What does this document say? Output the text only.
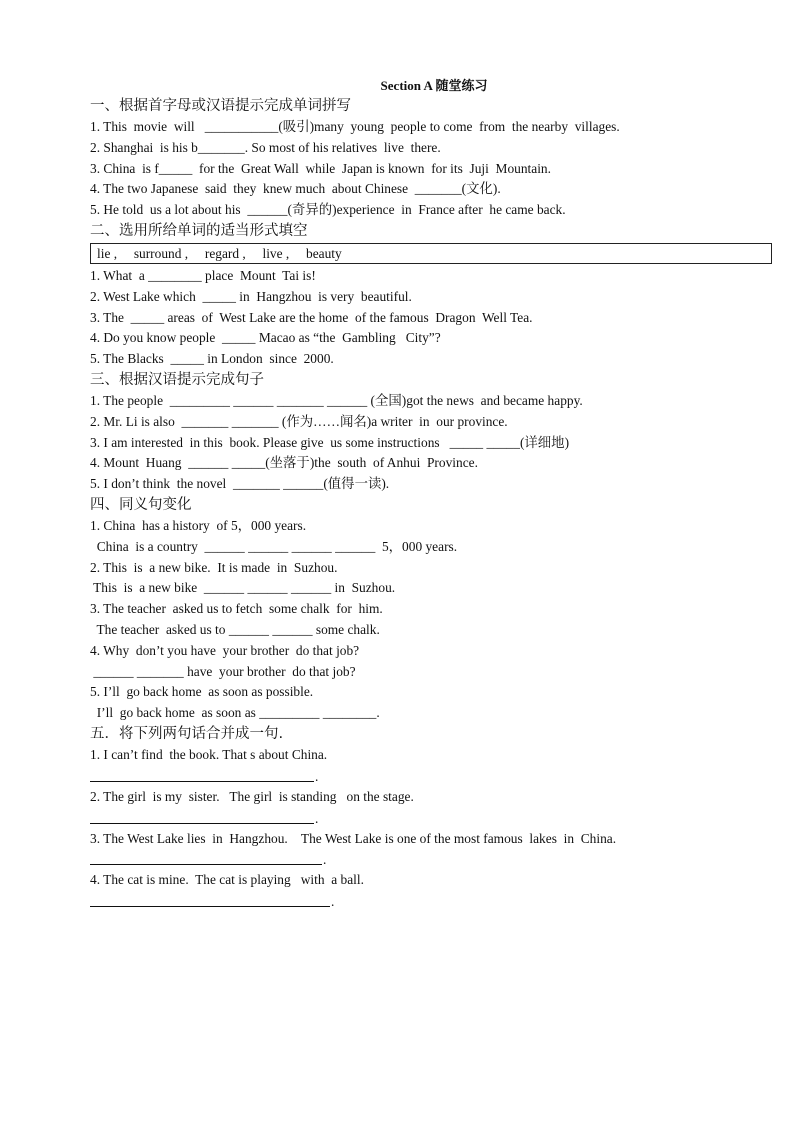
Section A 随堂练习
一、根据首字母或汉语提示完成单词拼写
1. This  movie  will   ___________(吸引)many  young  people to come  from  the nearby  villages.
2. Shanghai  is his b_______. So most of his relatives  live  there.
3. China  is f_____  for the  Great Wall  while  Japan is known  for its  Juji  Mountain.
4. The two Japanese  said  they  knew much  about Chinese  _______(文化).
5. He told  us a lot about his  ______(奇异的)experience  in  France after  he came back.
二、选用所给单词的适当形式填空
lie ,     surround ,     regard ,     live ,     beauty
1. What  a ________ place  Mount  Tai is!
2. West Lake which  _____ in  Hangzhou  is very  beautiful.
3. The  _____ areas  of  West Lake are the home  of the famous  Dragon  Well Tea.
4. Do you know people  _____ Macao as “the  Gambling   City”?
5. The Blacks  _____ in London  since  2000.
三、根据汉语提示完成句子
1. The people  _________ ______ _______ ______ (全国)got the news  and became happy.
2. Mr. Li is also  _______ _______ (作为……闻名)a writer  in  our province.
3. I am interested  in this  book. Please give  us some instructions   _____ _____(详细地)
4. Mount  Huang  ______ _____(坐落于)the  south  of Anhui  Province.
5. I don’t think  the novel  _______ ______(值得一读).
四、同义句变化
1. China  has a history  of 5，000 years.
China  is a country  ______ ______ ______ ______  5，000 years.
2. This  is  a new bike.  It is made  in  Suzhou.
This  is  a new bike  ______ ______ ______ in  Suzhou.
3. The teacher  asked us to fetch  some chalk  for  him.
The teacher  asked us to ______ ______ some chalk.
4. Why  don’t you have  your brother  do that job?
______ _______ have  your brother  do that job?
5. I’ll  go back home  as soon as possible.
I’ll  go back home  as soon as _________ ________.
五．将下列两句话合并成一句.
1. I can’t find  the book. That s about China.
.
2. The girl  is my  sister.   The girl  is standing   on the stage.
.
3. The West Lake lies  in  Hangzhou.    The West Lake is one of the most famous  lakes  in  China.
.
4. The cat is mine.  The cat is playing   with  a ball.
.
